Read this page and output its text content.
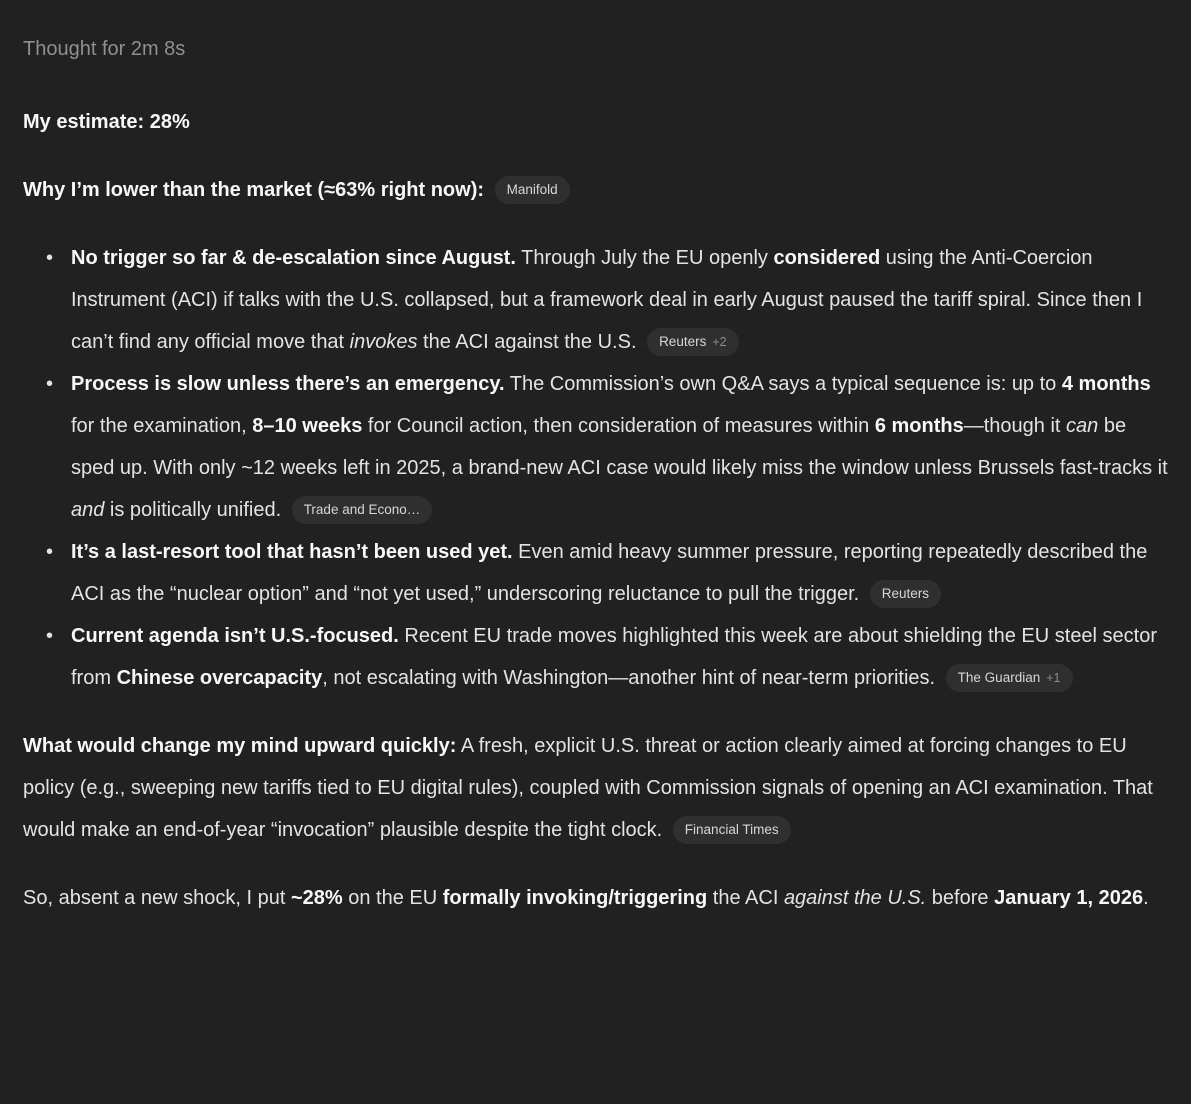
Thought for 2m 8s

My estimate: 28%

Why I’m lower than the market (≈63% right now): Manifold

• No trigger so far & de-escalation since August. Through July the EU openly considered using the Anti-Coercion Instrument (ACI) if talks with the U.S. collapsed, but a framework deal in early August paused the tariff spiral. Since then I can’t find any official move that invokes the ACI against the U.S. Reuters +2
• Process is slow unless there’s an emergency. The Commission’s own Q&A says a typical sequence is: up to 4 months for the examination, 8–10 weeks for Council action, then consideration of measures within 6 months—though it can be sped up. With only ~12 weeks left in 2025, a brand-new ACI case would likely miss the window unless Brussels fast-tracks it and is politically unified. Trade and Econo…
• It’s a last-resort tool that hasn’t been used yet. Even amid heavy summer pressure, reporting repeatedly described the ACI as the “nuclear option” and “not yet used,” underscoring reluctance to pull the trigger. Reuters
• Current agenda isn’t U.S.-focused. Recent EU trade moves highlighted this week are about shielding the EU steel sector from Chinese overcapacity, not escalating with Washington—another hint of near-term priorities. The Guardian +1

What would change my mind upward quickly: A fresh, explicit U.S. threat or action clearly aimed at forcing changes to EU policy (e.g., sweeping new tariffs tied to EU digital rules), coupled with Commission signals of opening an ACI examination. That would make an end-of-year “invocation” plausible despite the tight clock. Financial Times

So, absent a new shock, I put ~28% on the EU formally invoking/triggering the ACI against the U.S. before January 1, 2026.
